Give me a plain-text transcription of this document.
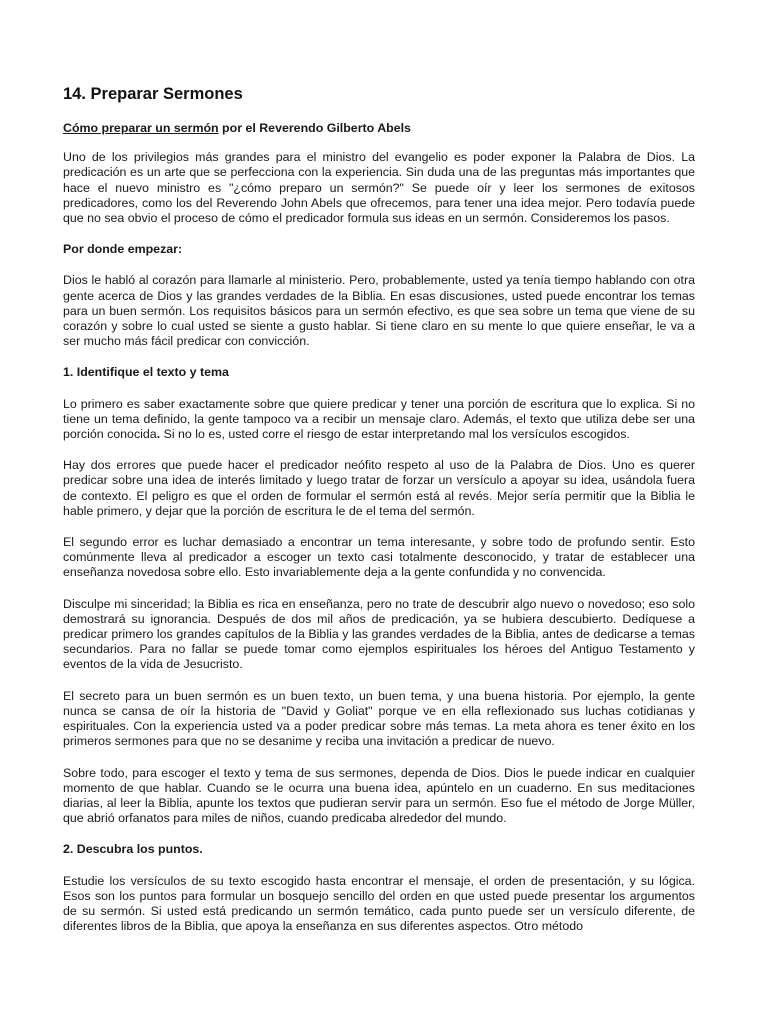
14. Preparar Sermones
Cómo preparar un sermón por el Reverendo Gilberto Abels

Uno de los privilegios más grandes para el ministro del evangelio es poder exponer la Palabra de Dios. La predicación es un arte que se perfecciona con la experiencia. Sin duda una de las preguntas más importantes que hace el nuevo ministro es "¿cómo preparo un sermón?" Se puede oír y leer los sermones de exitosos predicadores, como los del Reverendo John Abels que ofrecemos, para tener una idea mejor. Pero todavía puede que no sea obvio el proceso de cómo el predicador formula sus ideas en un sermón. Consideremos los pasos.

Por donde empezar:

Dios le habló al corazón para llamarle al ministerio. Pero, probablemente, usted ya tenía tiempo hablando con otra gente acerca de Dios y las grandes verdades de la Biblia. En esas discusiones, usted puede encontrar los temas para un buen sermón. Los requisitos básicos para un sermón efectivo, es que sea sobre un tema que viene de su corazón y sobre lo cual usted se siente a gusto hablar. Si tiene claro en su mente lo que quiere enseñar, le va a ser mucho más fácil predicar con convicción.

1. Identifique el texto y tema

Lo primero es saber exactamente sobre que quiere predicar y tener una porción de escritura que lo explica. Si no tiene un tema definido, la gente tampoco va a recibir un mensaje claro. Además, el texto que utiliza debe ser una porción conocida. Si no lo es, usted corre el riesgo de estar interpretando mal los versículos escogidos.

Hay dos errores que puede hacer el predicador neófito respeto al uso de la Palabra de Dios. Uno es querer predicar sobre una idea de interés limitado y luego tratar de forzar un versículo a apoyar su idea, usándola fuera de contexto. El peligro es que el orden de formular el sermón está al revés. Mejor sería permitir que la Biblia le hable primero, y dejar que la porción de escritura le de el tema del sermón.

El segundo error es luchar demasiado a encontrar un tema interesante, y sobre todo de profundo sentir. Esto comúnmente lleva al predicador a escoger un texto casi totalmente desconocido, y tratar de establecer una enseñanza novedosa sobre ello. Esto invariablemente deja a la gente confundida y no convencida.

Disculpe mi sinceridad; la Biblia es rica en enseñanza, pero no trate de descubrir algo nuevo o novedoso; eso solo demostrará su ignorancia. Después de dos mil años de predicación, ya se hubiera descubierto. Dedíquese a predicar primero los grandes capítulos de la Biblia y las grandes verdades de la Biblia, antes de dedicarse a temas secundarios. Para no fallar se puede tomar como ejemplos espirituales los héroes del Antiguo Testamento y eventos de la vida de Jesucristo.

El secreto para un buen sermón es un buen texto, un buen tema, y una buena historia. Por ejemplo, la gente nunca se cansa de oír la historia de "David y Goliat" porque ve en ella reflexionado sus luchas cotidianas y espirituales. Con la experiencia usted va a poder predicar sobre más temas. La meta ahora es tener éxito en los primeros sermones para que no se desanime y reciba una invitación a predicar de nuevo.

Sobre todo, para escoger el texto y tema de sus sermones, dependa de Dios. Dios le puede indicar en cualquier momento de que hablar. Cuando se le ocurra una buena idea, apúntelo en un cuaderno. En sus meditaciones diarias, al leer la Biblia, apunte los textos que pudieran servir para un sermón. Eso fue el método de Jorge Müller, que abrió orfanatos para miles de niños, cuando predicaba alrededor del mundo.

2. Descubra los puntos.

Estudie los versículos de su texto escogido hasta encontrar el mensaje, el orden de presentación, y su lógica. Esos son los puntos para formular un bosquejo sencillo del orden en que usted puede presentar los argumentos de su sermón. Si usted está predicando un sermón temático, cada punto puede ser un versículo diferente, de diferentes libros de la Biblia, que apoya la enseñanza en sus diferentes aspectos. Otro método
